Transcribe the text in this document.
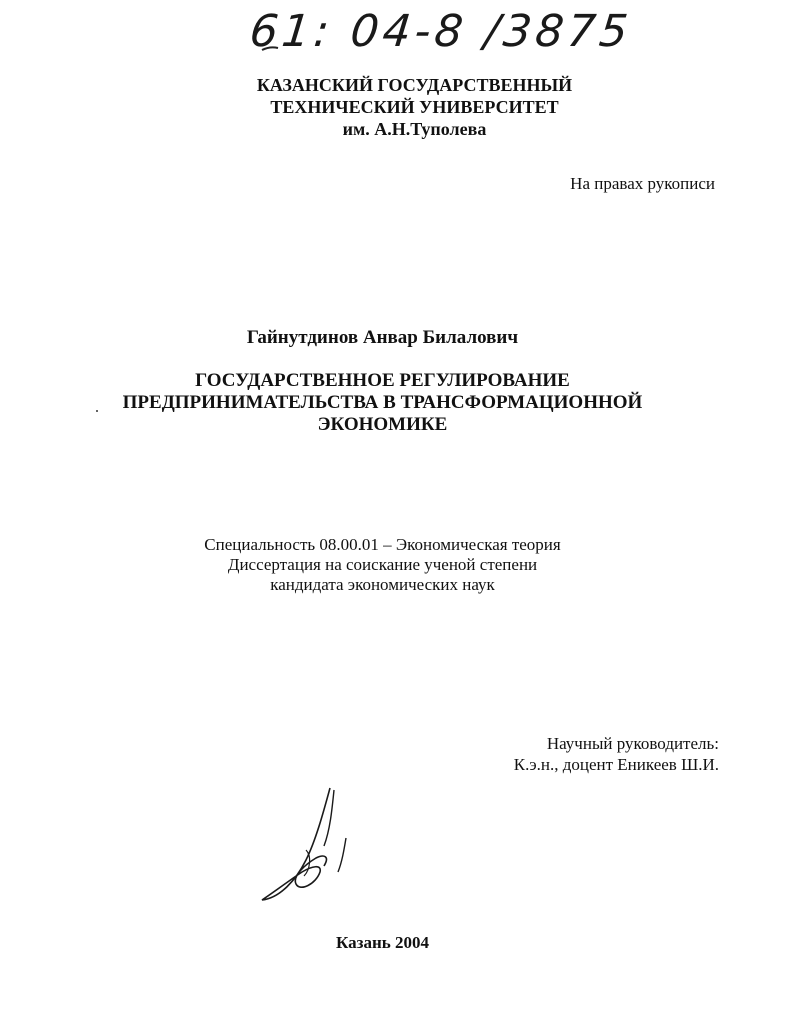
61: 04-8 /3875
КАЗАНСКИЙ ГОСУДАРСТВЕННЫЙ
ТЕХНИЧЕСКИЙ УНИВЕРСИТЕТ
им. А.Н.Туполева
На правах рукописи
Гайнутдинов Анвар Билалович
ГОСУДАРСТВЕННОЕ РЕГУЛИРОВАНИЕ
ПРЕДПРИНИМАТЕЛЬСТВА В ТРАНСФОРМАЦИОННОЙ
ЭКОНОМИКЕ
Специальность 08.00.01 – Экономическая теория
Диссертация на соискание ученой степени
кандидата экономических наук
Научный руководитель:
К.э.н., доцент Еникеев Ш.И.
Казань 2004
